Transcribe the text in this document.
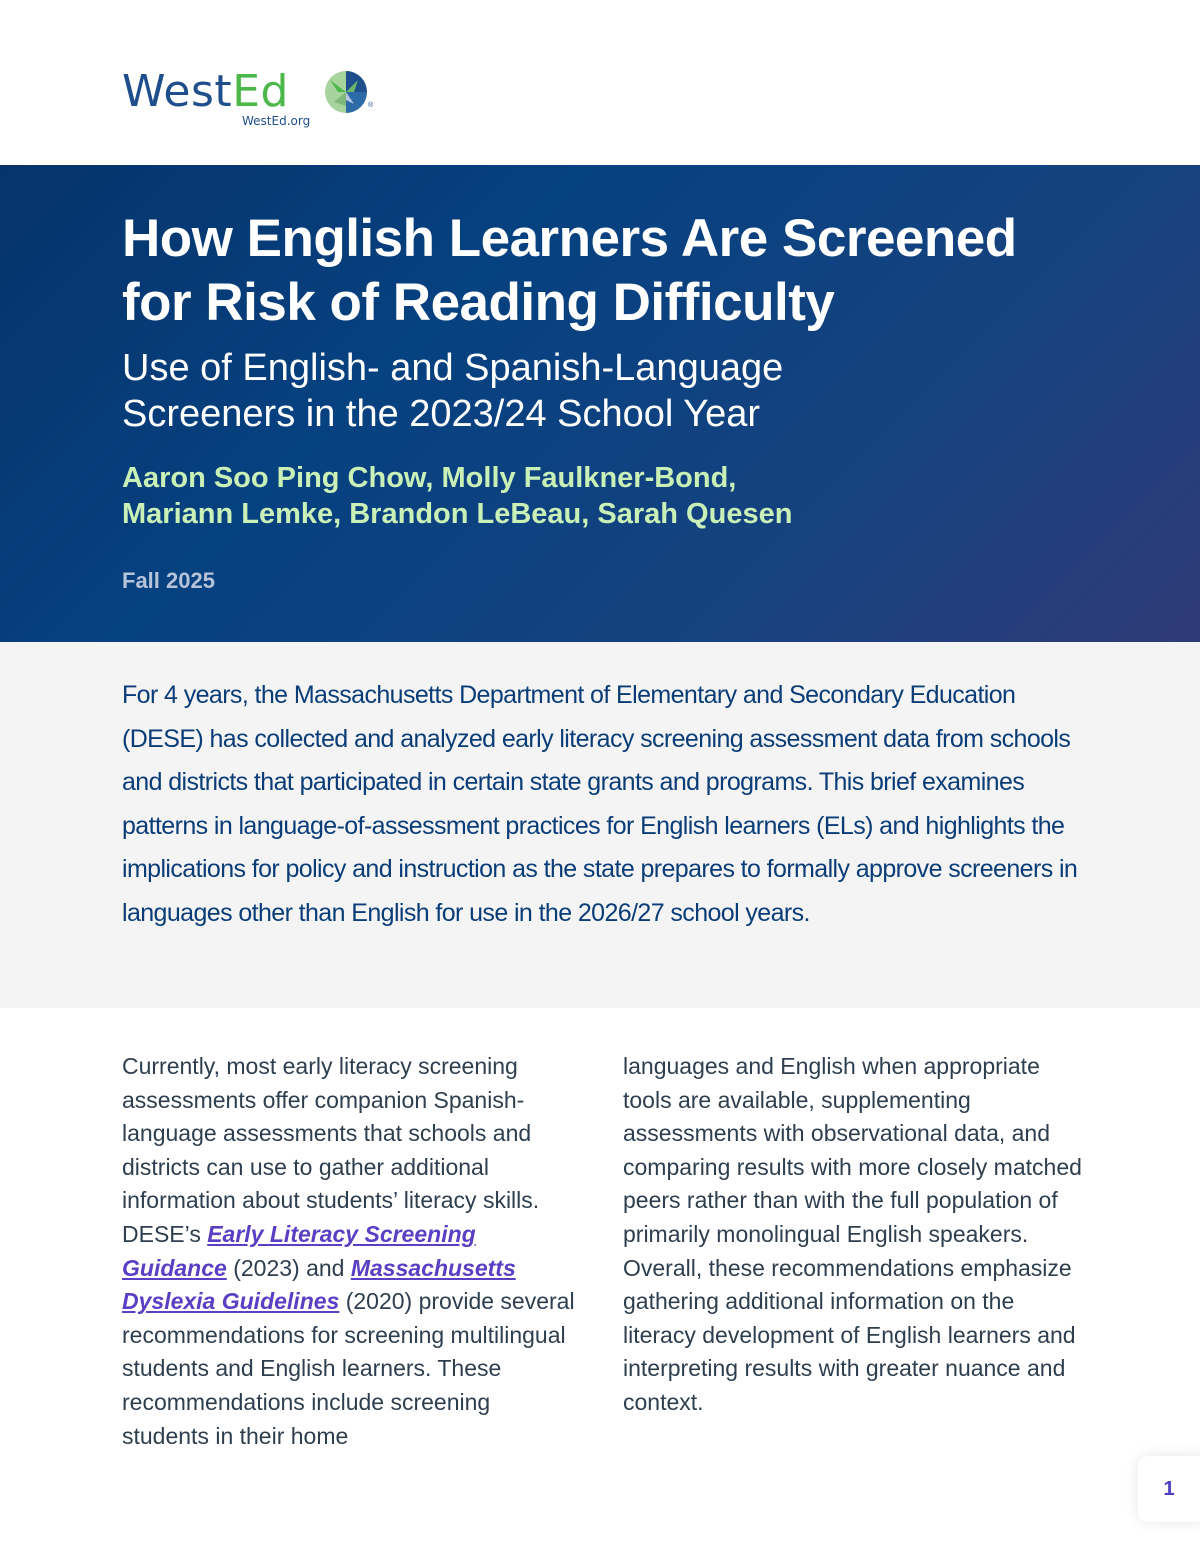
WestEd	®
WestEd.org
How English Learners Are Screened
for Risk of Reading Difficulty
Use of English- and Spanish-Language
Screeners in the 2023/24 School Year
Aaron Soo Ping Chow, Molly Faulkner-Bond,
Mariann Lemke, Brandon LeBeau, Sarah Quesen
Fall 2025
For 4 years, the Massachusetts Department of Elementary and Secondary Education (DESE) has collected and analyzed early literacy screening assessment data from schools and districts that participated in certain state grants and programs. This brief examines patterns in language-of-assessment practices for English learners (ELs) and highlights the implications for policy and instruction as the state prepares to formally approve screeners in languages other than English for use in the 2026/27 school years.
Currently, most early literacy screening assessments offer companion Spanish-language assessments that schools and districts can use to gather additional information about students’ literacy skills. DESE’s Early Literacy Screening Guidance (2023) and Massachusetts Dyslexia Guidelines (2020) provide several recommendations for screening multilingual students and English learners. These recommendations include screening students in their home
languages and English when appropriate tools are available, supplementing assessments with observational data, and comparing results with more closely matched peers rather than with the full population of primarily monolingual English speakers. Overall, these recommendations emphasize gathering additional information on the literacy development of English learners and interpreting results with greater nuance and context.
1
